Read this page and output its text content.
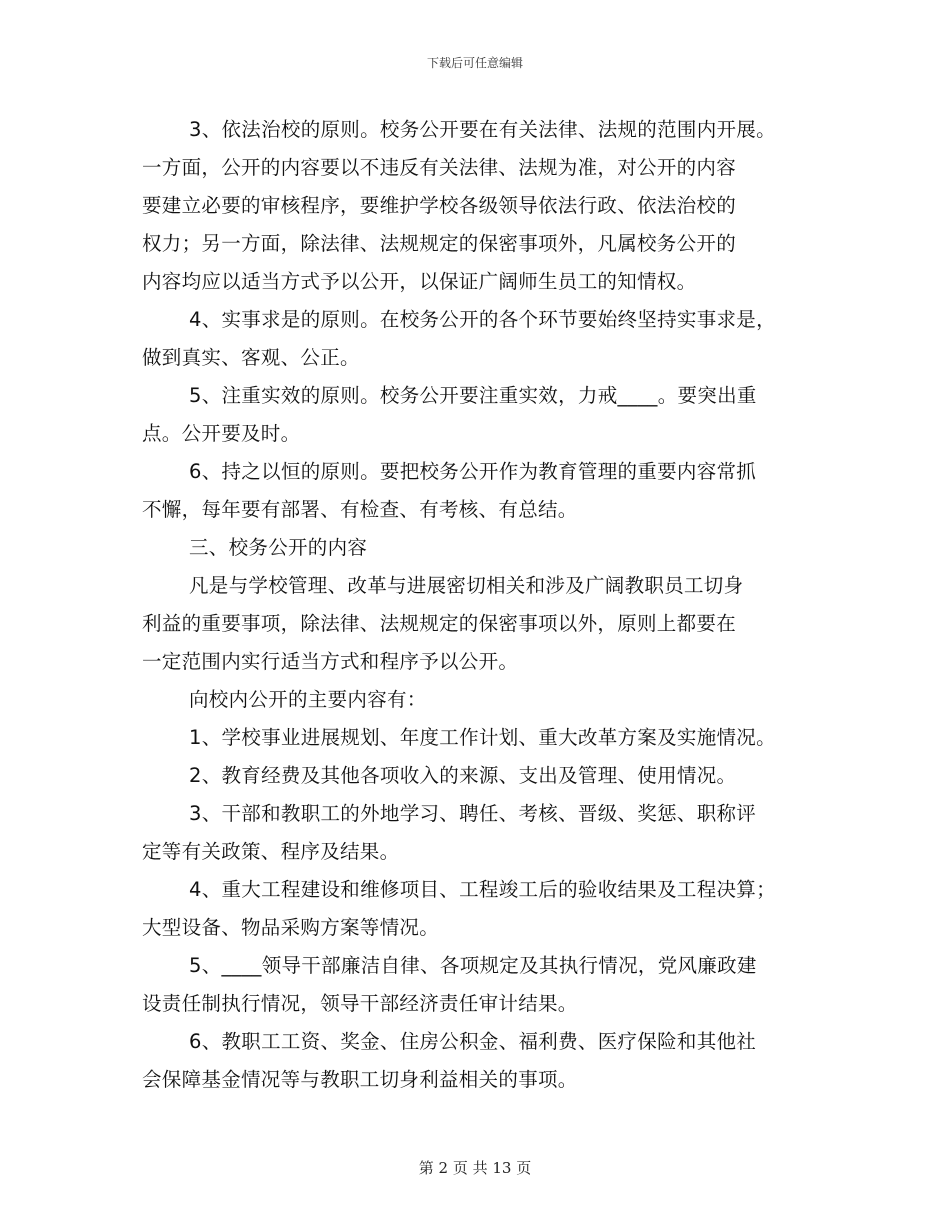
下载后可任意编辑
3、依法治校的原则。校务公开要在有关法律、法规的范围内开展。
一方面，公开的内容要以不违反有关法律、法规为准，对公开的内容
要建立必要的审核程序，要维护学校各级领导依法行政、依法治校的
权力；另一方面，除法律、法规规定的保密事项外，凡属校务公开的
内容均应以适当方式予以公开，以保证广阔师生员工的知情权。
4、实事求是的原则。在校务公开的各个环节要始终坚持实事求是，
做到真实、客观、公正。
5、注重实效的原则。校务公开要注重实效，力戒____。要突出重
点。公开要及时。
6、持之以恒的原则。要把校务公开作为教育管理的重要内容常抓
不懈，每年要有部署、有检查、有考核、有总结。
三、校务公开的内容
凡是与学校管理、改革与进展密切相关和涉及广阔教职员工切身
利益的重要事项，除法律、法规规定的保密事项以外，原则上都要在
一定范围内实行适当方式和程序予以公开。
向校内公开的主要内容有：
1、学校事业进展规划、年度工作计划、重大改革方案及实施情况。
2、教育经费及其他各项收入的来源、支出及管理、使用情况。
3、干部和教职工的外地学习、聘任、考核、晋级、奖惩、职称评
定等有关政策、程序及结果。
4、重大工程建设和维修项目、工程竣工后的验收结果及工程决算；
大型设备、物品采购方案等情况。
5、____领导干部廉洁自律、各项规定及其执行情况，党风廉政建
设责任制执行情况，领导干部经济责任审计结果。
6、教职工工资、奖金、住房公积金、福利费、医疗保险和其他社
会保障基金情况等与教职工切身利益相关的事项。
第 2 页 共 13 页
